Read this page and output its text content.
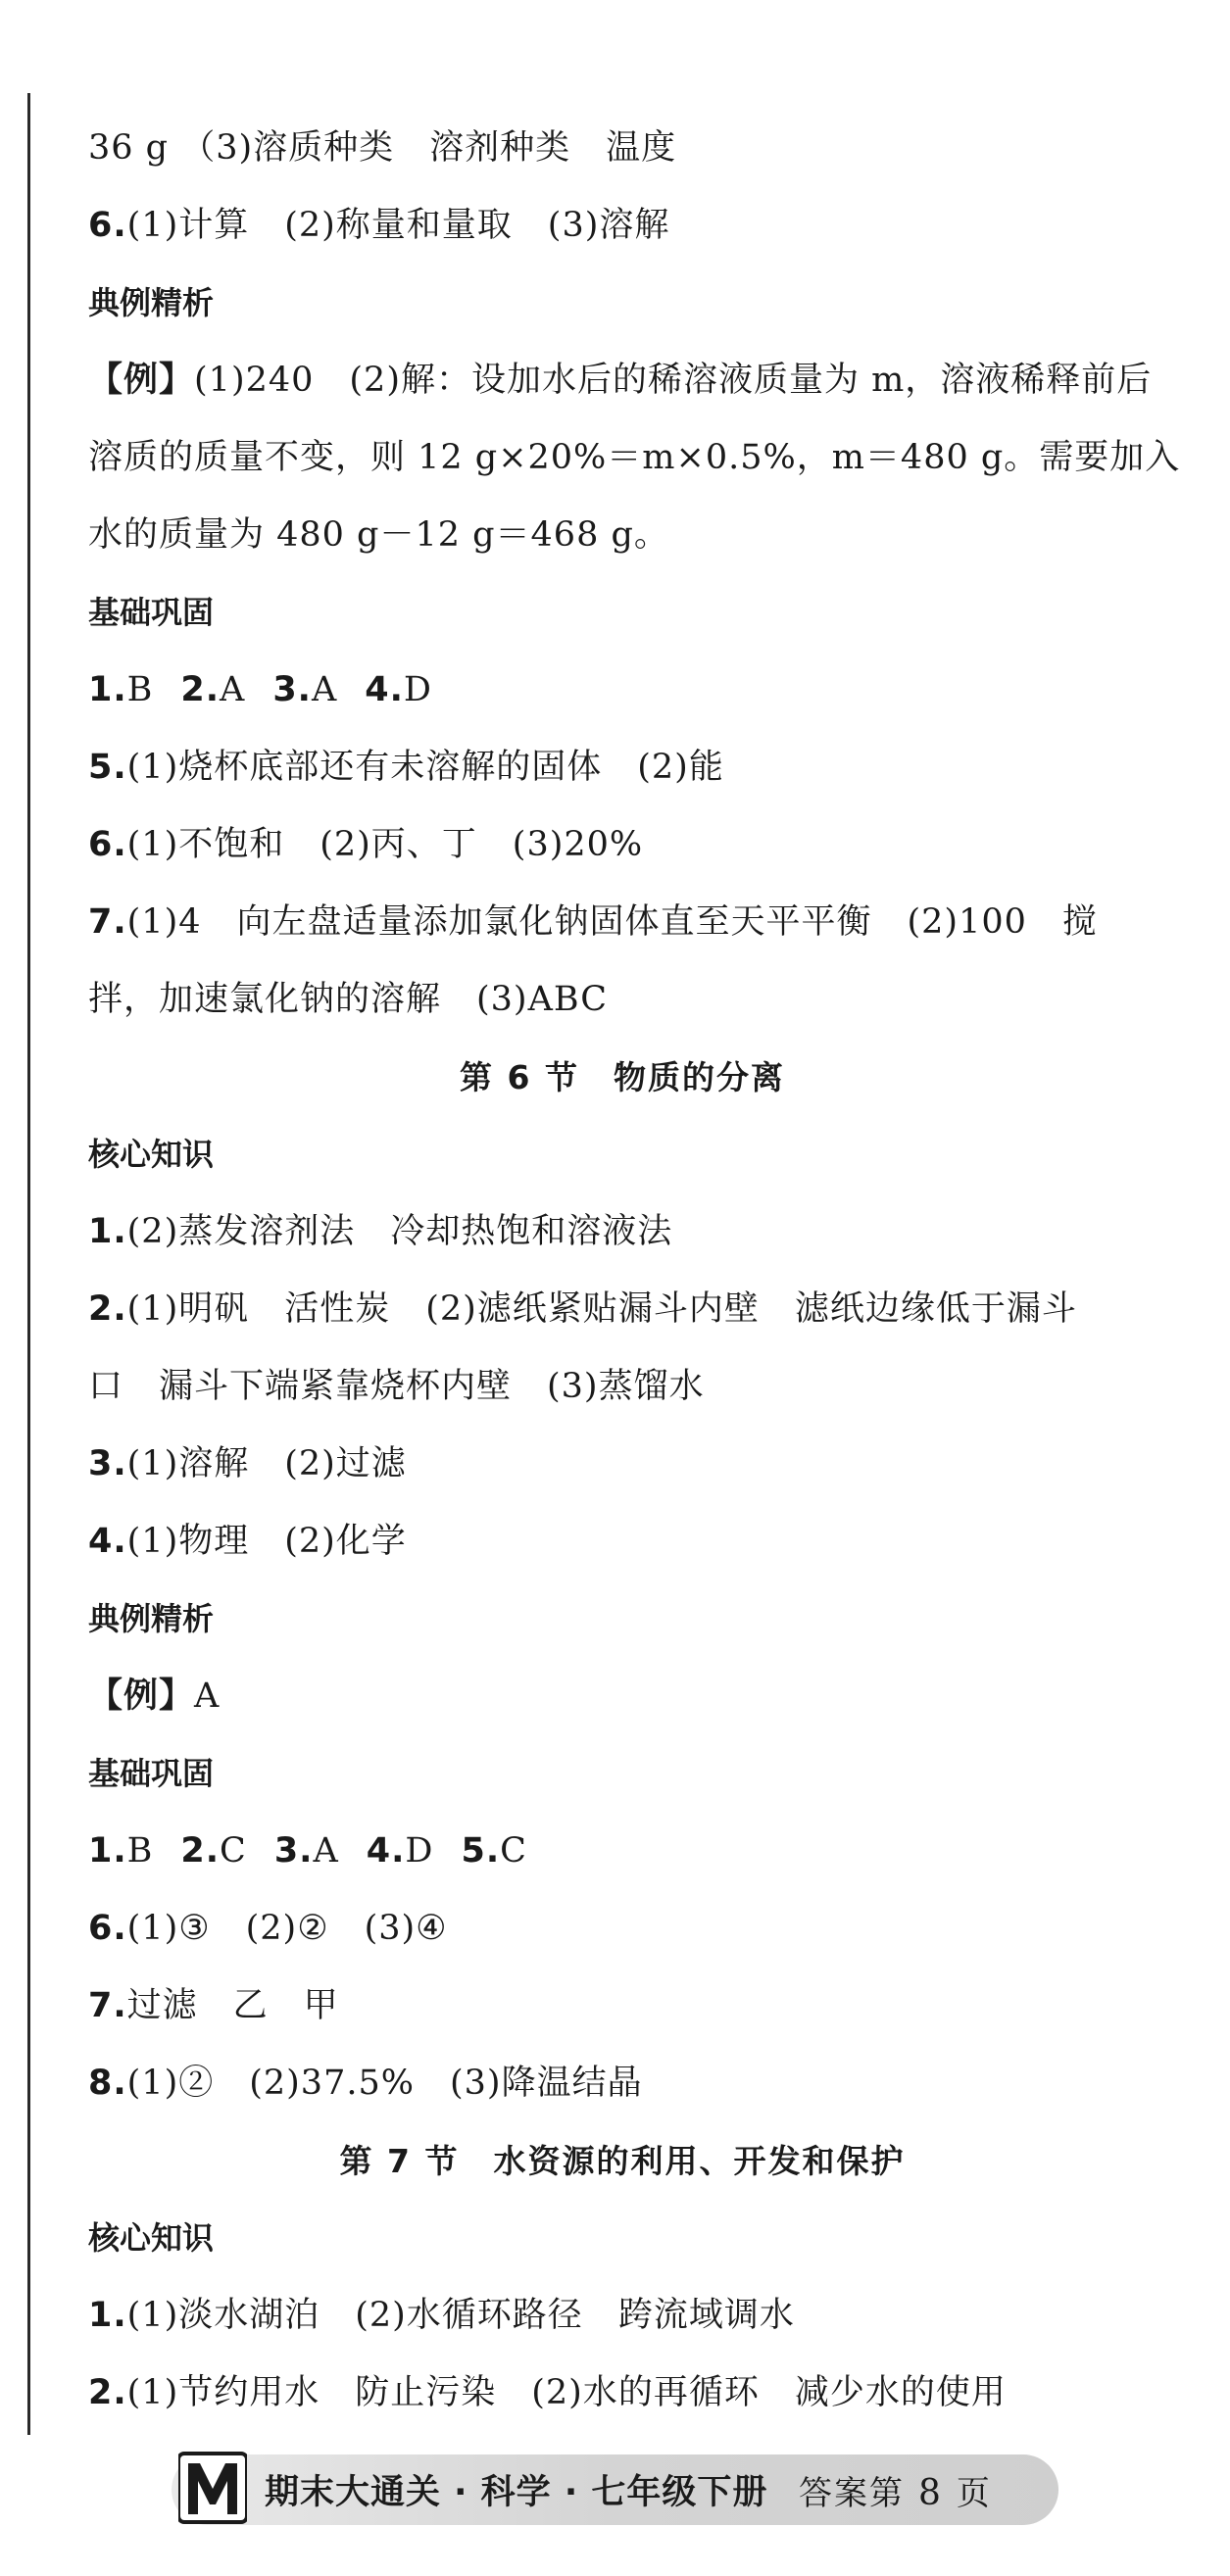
36 g （3)溶质种类　溶剂种类　温度
6.(1)计算　(2)称量和量取　(3)溶解
典例精析
【例】(1)240　(2)解：设加水后的稀溶液质量为 m，溶液稀释前后
溶质的质量不变，则 12 g×20%＝m×0.5%，m＝480 g。需要加入
水的质量为 480 g－12 g＝468 g。
基础巩固
1.B 2.A 3.A 4.D
5.(1)烧杯底部还有未溶解的固体　(2)能
6.(1)不饱和　(2)丙、丁　(3)20%
7.(1)4　向左盘适量添加氯化钠固体直至天平平衡　(2)100　搅
拌，加速氯化钠的溶解　(3)ABC
第 6 节　物质的分离
核心知识
1.(2)蒸发溶剂法　冷却热饱和溶液法
2.(1)明矾　活性炭　(2)滤纸紧贴漏斗内壁　滤纸边缘低于漏斗
口　漏斗下端紧靠烧杯内壁　(3)蒸馏水
3.(1)溶解　(2)过滤
4.(1)物理　(2)化学
典例精析
【例】A
基础巩固
1.B 2.C 3.A 4.D 5.C
6.(1)③　(2)②　(3)④
7.过滤　乙　甲
8.(1)②　(2)37.5%　(3)降温结晶
第 7 节　水资源的利用、开发和保护
核心知识
1.(1)淡水湖泊　(2)水循环路径　跨流域调水
2.(1)节约用水　防止污染　(2)水的再循环　减少水的使用
期末大通关 · 科学 · 七年级下册 答案第 8 页
